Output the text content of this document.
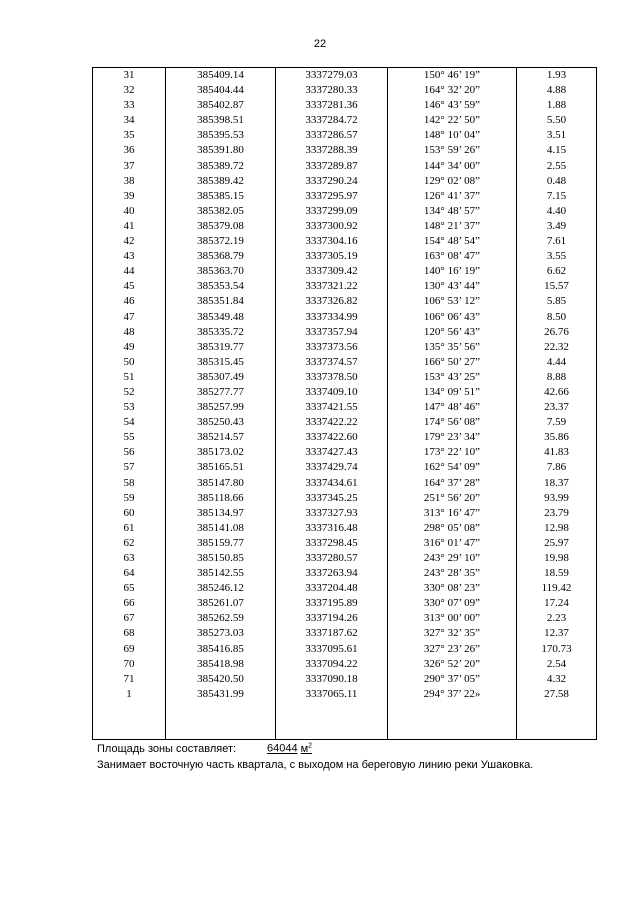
22
31	385409.14	3337279.03	150° 46’ 19”	1.93
32	385404.44	3337280.33	164° 32’ 20”	4.88
33	385402.87	3337281.36	146° 43’ 59”	1.88
34	385398.51	3337284.72	142° 22’ 50”	5.50
35	385395.53	3337286.57	148° 10’ 04”	3.51
36	385391.80	3337288.39	153° 59’ 26”	4.15
37	385389.72	3337289.87	144° 34’ 00”	2.55
38	385389.42	3337290.24	129° 02’ 08”	0.48
39	385385.15	3337295.97	126° 41’ 37”	7.15
40	385382.05	3337299.09	134° 48’ 57”	4.40
41	385379.08	3337300.92	148° 21’ 37”	3.49
42	385372.19	3337304.16	154° 48’ 54”	7.61
43	385368.79	3337305.19	163° 08’ 47”	3.55
44	385363.70	3337309.42	140° 16’ 19”	6.62
45	385353.54	3337321.22	130° 43’ 44”	15.57
46	385351.84	3337326.82	106° 53’ 12”	5.85
47	385349.48	3337334.99	106° 06’ 43”	8.50
48	385335.72	3337357.94	120° 56’ 43”	26.76
49	385319.77	3337373.56	135° 35’ 56”	22.32
50	385315.45	3337374.57	166° 50’ 27”	4.44
51	385307.49	3337378.50	153° 43’ 25”	8.88
52	385277.77	3337409.10	134° 09’ 51”	42.66
53	385257.99	3337421.55	147° 48’ 46”	23.37
54	385250.43	3337422.22	174° 56’ 08”	7.59
55	385214.57	3337422.60	179° 23’ 34”	35.86
56	385173.02	3337427.43	173° 22’ 10”	41.83
57	385165.51	3337429.74	162° 54’ 09”	7.86
58	385147.80	3337434.61	164° 37’ 28”	18.37
59	385118.66	3337345.25	251° 56’ 20”	93.99
60	385134.97	3337327.93	313° 16’ 47”	23.79
61	385141.08	3337316.48	298° 05’ 08”	12.98
62	385159.77	3337298.45	316° 01’ 47”	25.97
63	385150.85	3337280.57	243° 29’ 10”	19.98
64	385142.55	3337263.94	243° 28’ 35”	18.59
65	385246.12	3337204.48	330° 08’ 23”	119.42
66	385261.07	3337195.89	330° 07’ 09”	17.24
67	385262.59	3337194.26	313° 00’ 00”	2.23
68	385273.03	3337187.62	327° 32’ 35”	12.37
69	385416.85	3337095.61	327° 23’ 26”	170.73
70	385418.98	3337094.22	326° 52’ 20”	2.54
71	385420.50	3337090.18	290° 37’ 05”	4.32
1	385431.99	3337065.11	294° 37’ 22»	27.58

Площадь зоны составляет:	64044 $м^2$
Занимает восточную часть квартала, с выходом на береговую линию реки Ушаковка.
